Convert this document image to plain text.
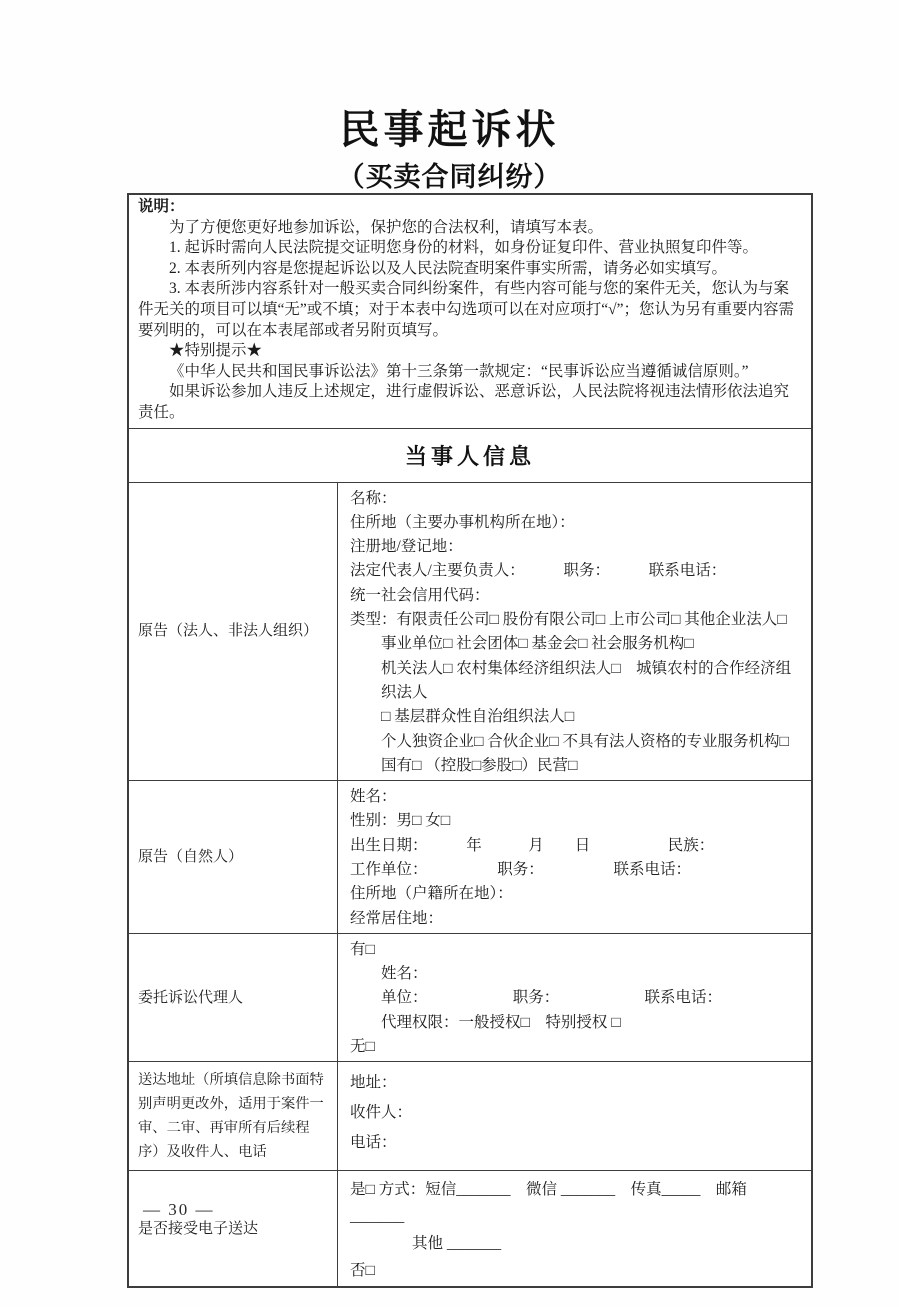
民事起诉状
（买卖合同纠纷）
说明：

为了方便您更好地参加诉讼，保护您的合法权利，请填写本表。

1. 起诉时需向人民法院提交证明您身份的材料，如身份证复印件、营业执照复印件等。

2. 本表所列内容是您提起诉讼以及人民法院查明案件事实所需，请务必如实填写。

3. 本表所涉内容系针对一般买卖合同纠纷案件，有些内容可能与您的案件无关，您认为与案件无关的项目可以填“无”或不填；对于本表中勾选项可以在对应项打“√”；您认为另有重要内容需要列明的，可以在本表尾部或者另附页填写。

★特别提示★

《中华人民共和国民事诉讼法》第十三条第一款规定：“民事诉讼应当遵循诚信原则。”

如果诉讼参加人违反上述规定，进行虚假诉讼、恶意诉讼，人民法院将视违法情形依法追究责任。

当事人信息
原告（法人、非法人组织）
名称：
住所地（主要办事机构所在地）：
注册地/登记地：
法定代表人/主要负责人：　　　职务：　　　联系电话：
统一社会信用代码：
类型：有限责任公司□ 股份有限公司□ 上市公司□ 其他企业法人□
事业单位□ 社会团体□ 基金会□ 社会服务机构□
机关法人□ 农村集体经济组织法人□　城镇农村的合作经济组织法人
□ 基层群众性自治组织法人□
个人独资企业□ 合伙企业□ 不具有法人资格的专业服务机构□
国有□ （控股□参股□）民营□
原告（自然人）
姓名：
性别：男□ 女□
出生日期：　　　年　　　月　　日　　　　　民族：
工作单位：　　　　　职务：　　　　　联系电话：
住所地（户籍所在地）：
经常居住地：
委托诉讼代理人
有□
姓名：
单位：　　　　　　职务：　　　　　　联系电话：
代理权限：一般授权□　特别授权 □
无□
送达地址（所填信息除书面特别声明更改外，适用于案件一审、二审、再审所有后续程序）及收件人、电话
地址：
收件人：
电话：
是否接受电子送达
是□ 方式：短信_______　微信 _______　传真_____　邮箱_______
其他 _______
否□
— 30 —
